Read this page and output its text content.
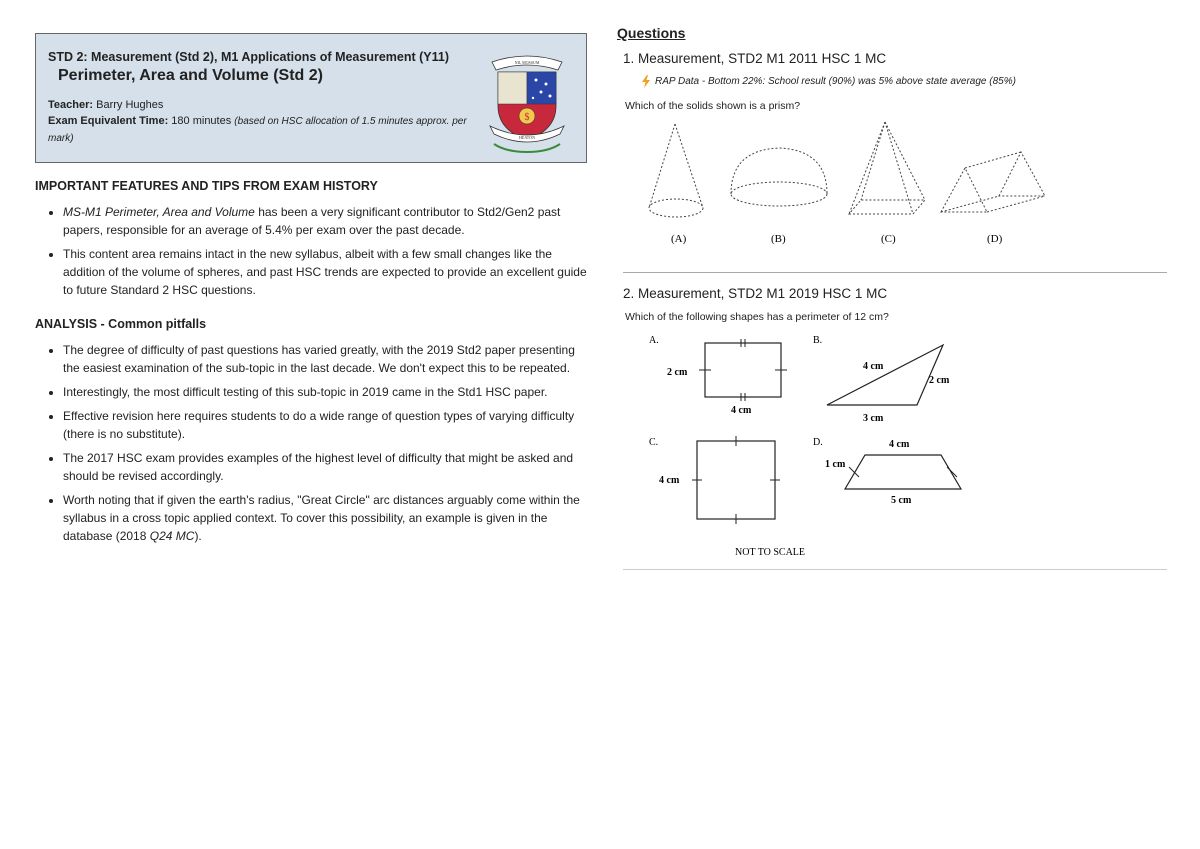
STD 2: Measurement (Std 2), M1 Applications of Measurement (Y11)
Perimeter, Area and Volume (Std 2)
Teacher: Barry Hughes
Exam Equivalent Time: 180 minutes (based on HSC allocation of 1.5 minutes approx. per mark)
NIL MOSSUM
$
HEATON
IMPORTANT FEATURES AND TIPS FROM EXAM HISTORY
• MS-M1 Perimeter, Area and Volume has been a very significant contributor to Std2/Gen2 past papers, responsible for an average of 5.4% per exam over the past decade.
• This content area remains intact in the new syllabus, albeit with a few small changes like the addition of the volume of spheres, and past HSC trends are expected to provide an excellent guide to future Standard 2 HSC questions.
ANALYSIS - Common pitfalls
• The degree of difficulty of past questions has varied greatly, with the 2019 Std2 paper presenting the easiest examination of the sub-topic in the last decade. We don't expect this to be repeated.
• Interestingly, the most difficult testing of this sub-topic in 2019 came in the Std1 HSC paper.
• Effective revision here requires students to do a wide range of question types of varying difficulty (there is no substitute).
• The 2017 HSC exam provides examples of the highest level of difficulty that might be asked and should be revised accordingly.
• Worth noting that if given the earth's radius, "Great Circle" arc distances arguably come within the syllabus in a cross topic applied context. To cover this possibility, an example is given in the database (2018 Q24 MC).
Questions
1. Measurement, STD2 M1 2011 HSC 1 MC
RAP Data - Bottom 22%: School result (90%) was 5% above state average (85%)
Which of the solids shown is a prism?
(A)	(B)	(C)	(D)
2. Measurement, STD2 M1 2019 HSC 1 MC
Which of the following shapes has a perimeter of 12 cm?
A.
2 cm
4 cm
B.
4 cm
2 cm
3 cm
C.
4 cm
D.	4 cm
1 cm
5 cm
NOT TO SCALE
